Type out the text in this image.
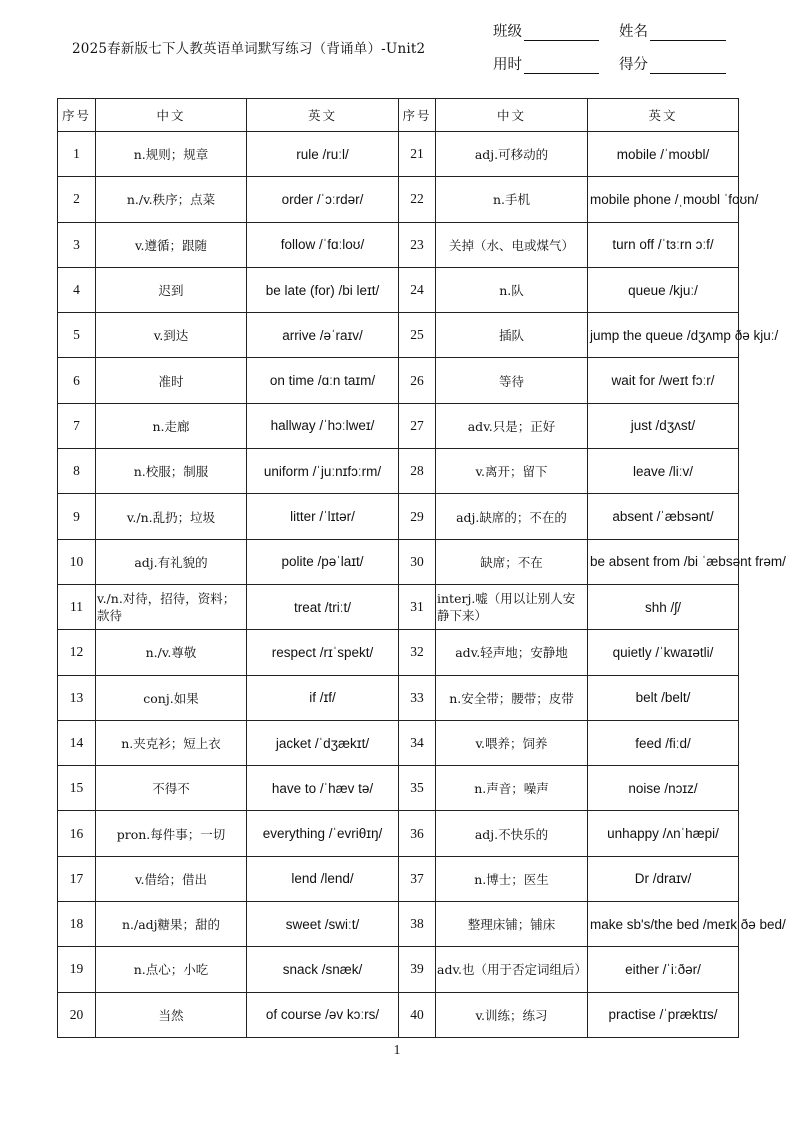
2025春新版七下人教英语单词默写练习（背诵单）-Unit2
班级	姓名
用时	得分
序号	中文	英文	序号	中文	英文
1	n.规则；规章	rule /ruːl/	21	adj.可移动的	mobile /ˈmoʊbl/
2	n./v.秩序；点菜	order /ˈɔːrdər/	22	n.手机	mobile phone /ˌmoʊbl ˈfoʊn/
3	v.遵循；跟随	follow /ˈfɑːloʊ/	23	关掉（水、电或煤气）	turn off /ˈtɜːrn ɔːf/
4	迟到	be late (for) /bi leɪt/	24	n.队	queue /kjuː/
5	v.到达	arrive /əˈraɪv/	25	插队	jump the queue /dʒʌmp ðə kjuː/
6	准时	on time /ɑːn taɪm/	26	等待	wait for /weɪt fɔːr/
7	n.走廊	hallway /ˈhɔːlweɪ/	27	adv.只是；正好	just /dʒʌst/
8	n.校服；制服	uniform /ˈjuːnɪfɔːrm/	28	v.离开；留下	leave /liːv/
9	v./n.乱扔；垃圾	litter /ˈlɪtər/	29	adj.缺席的；不在的	absent /ˈæbsənt/
10	adj.有礼貌的	polite /pəˈlaɪt/	30	缺席；不在	be absent from /bi ˈæbsənt frəm/
11	v./n.对待，招待，资料；款待	treat /triːt/	31	interj.嘘（用以让别人安静下来）	shh /ʃ/
12	n./v.尊敬	respect /rɪˈspekt/	32	adv.轻声地；安静地	quietly /ˈkwaɪətli/
13	conj.如果	if /ɪf/	33	n.安全带；腰带；皮带	belt /belt/
14	n.夹克衫；短上衣	jacket /ˈdʒækɪt/	34	v.喂养；饲养	feed /fiːd/
15	不得不	have to /ˈhæv tə/	35	n.声音；噪声	noise /nɔɪz/
16	pron.每件事；一切	everything /ˈevriθɪŋ/	36	adj.不快乐的	unhappy /ʌnˈhæpi/
17	v.借给；借出	lend /lend/	37	n.博士；医生	Dr /draɪv/
18	n./adj糖果；甜的	sweet /swiːt/	38	整理床铺；铺床	make sb's/the bed /meɪk ðə bed/
19	n.点心；小吃	snack /snæk/	39	adv.也（用于否定词组后）	either /ˈiːðər/
20	当然	of course /əv kɔːrs/	40	v.训练；练习	practise /ˈpræktɪs/
1
